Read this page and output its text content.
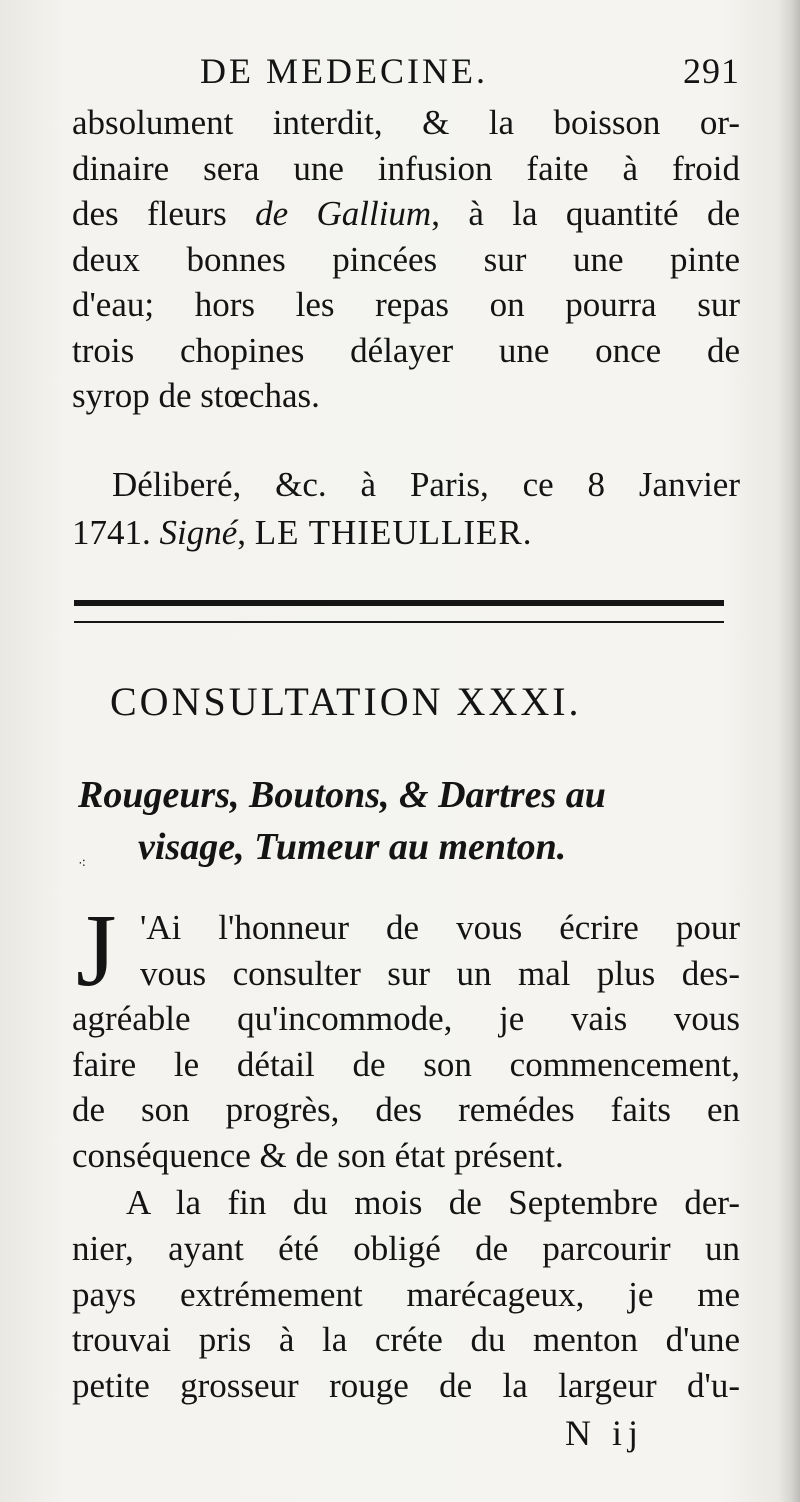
DE MEDECINE.	291
absolument interdit, & la boisson or-
dinaire sera une infusion faite à froid
des fleurs de Gallium, à la quantité de
deux bonnes pincées sur une pinte
d'eau; hors les repas on pourra sur
trois chopines délayer une once de
syrop de stœchas.
Déliberé, &c. à Paris, ce 8 Janvier
1741. Signé, LE THIEULLIER.
CONSULTATION XXXI.
Rougeurs, Boutons, & Dartres au
visage, Tumeur au menton.
⁖
J 'Ai l'honneur de vous écrire pour
vous consulter sur un mal plus des-
agréable qu'incommode, je vais vous
faire le détail de son commencement,
de son progrès, des remédes faits en
conséquence & de son état présent.
A la fin du mois de Septembre der-
nier, ayant été obligé de parcourir un
pays extrémement marécageux, je me
trouvai pris à la créte du menton d'une
petite grosseur rouge de la largeur d'u-
N ij
